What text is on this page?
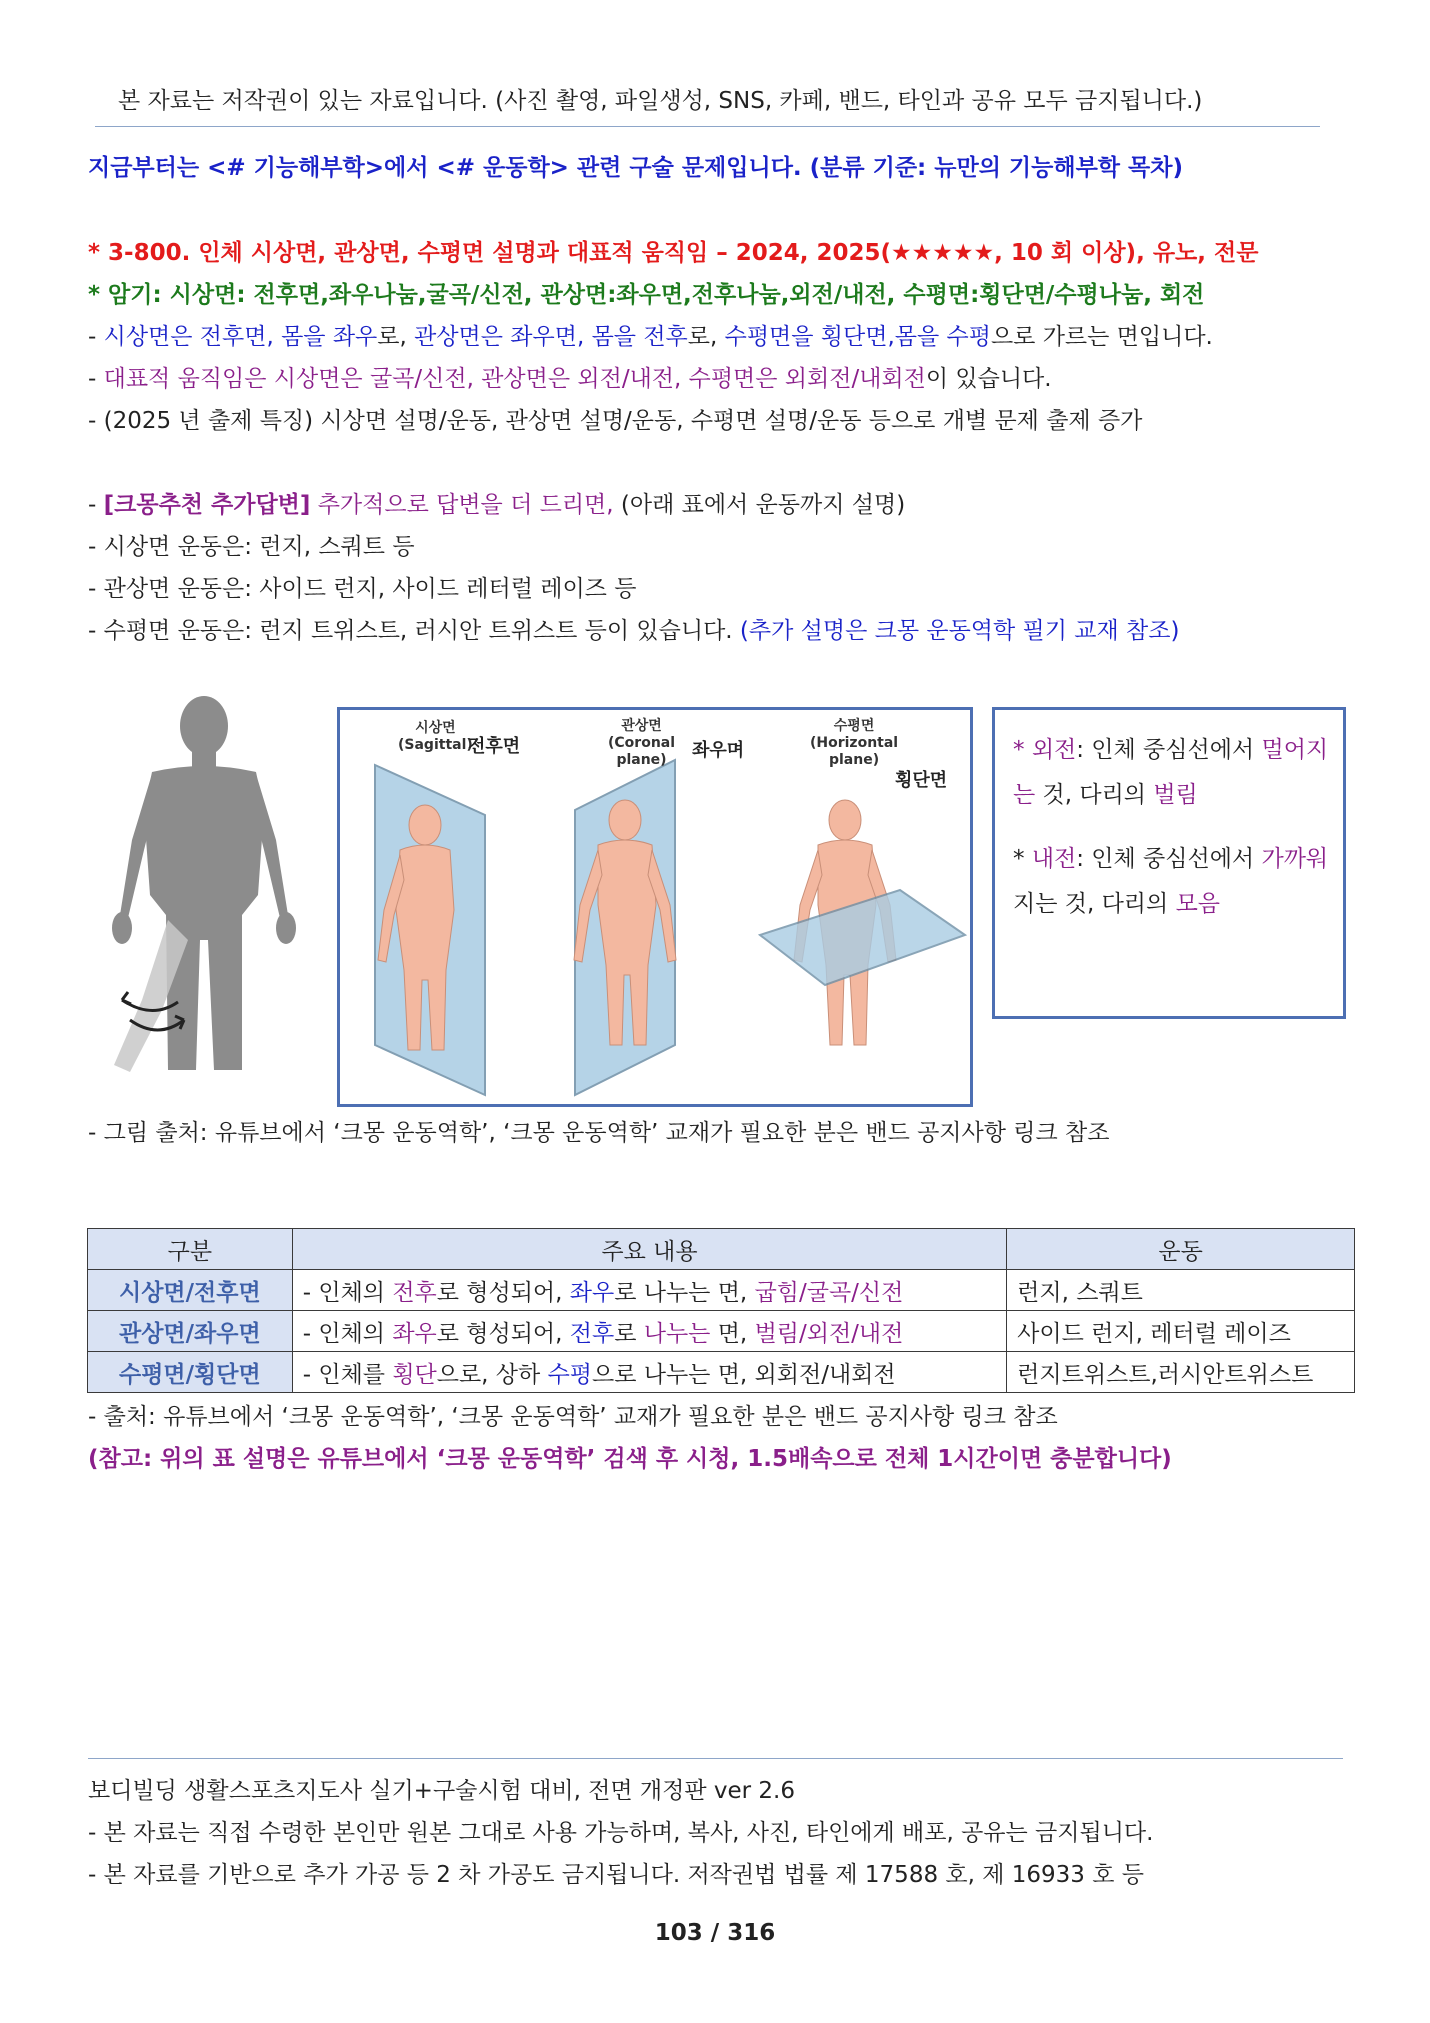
본 자료는 저작권이 있는 자료입니다. (사진 촬영, 파일생성, SNS, 카페, 밴드, 타인과 공유 모두 금지됩니다.)
지금부터는 <# 기능해부학>에서 <# 운동학> 관련 구술 문제입니다. (분류 기준: 뉴만의 기능해부학 목차)
* 3-800. 인체 시상면, 관상면, 수평면 설명과 대표적 움직임 – 2024, 2025(★★★★★, 10 회 이상), 유노, 전문
* 암기: 시상면: 전후면,좌우나눔,굴곡/신전, 관상면:좌우면,전후나눔,외전/내전, 수평면:횡단면/수평나눔, 회전
- 시상면은 전후면, 몸을 좌우로, 관상면은 좌우면, 몸을 전후로, 수평면을 횡단면,몸을 수평으로 가르는 면입니다.
- 대표적 움직임은 시상면은 굴곡/신전, 관상면은 외전/내전, 수평면은 외회전/내회전이 있습니다.
- (2025 년 출제 특징) 시상면 설명/운동, 관상면 설명/운동, 수평면 설명/운동 등으로 개별 문제 출제 증가
- [크몽추천 추가답변] 추가적으로 답변을 더 드리면, (아래 표에서 운동까지 설명)
- 시상면 운동은: 런지, 스쿼트 등
- 관상면 운동은: 사이드 런지, 사이드 레터럴 레이즈 등
- 수평면 운동은: 런지 트위스트, 러시안 트위스트 등이 있습니다. (추가 설명은 크몽 운동역학 필기 교재 참조)
시상면
(Sagittal)
전후면
관상면
(Coronal
plane)	좌우며
수평면
(Horizontal
plane)
횡단면
* 외전: 인체 중심선에서 멀어지는 것, 다리의 벌림
* 내전: 인체 중심선에서 가까워지는 것, 다리의 모음
- 그림 출처: 유튜브에서 ‘크몽 운동역학’, ‘크몽 운동역학’ 교재가 필요한 분은 밴드 공지사항 링크 참조
구분	주요 내용	운동
시상면/전후면	- 인체의 전후로 형성되어, 좌우로 나누는 면, 굽힘/굴곡/신전	런지, 스쿼트
관상면/좌우면	- 인체의 좌우로 형성되어, 전후로 나누는 면, 벌림/외전/내전	사이드 런지, 레터럴 레이즈
수평면/횡단면	- 인체를 횡단으로, 상하 수평으로 나누는 면, 외회전/내회전	런지트위스트,러시안트위스트
- 출처: 유튜브에서 ‘크몽 운동역학’, ‘크몽 운동역학’ 교재가 필요한 분은 밴드 공지사항 링크 참조
(참고: 위의 표 설명은 유튜브에서 ‘크몽 운동역학’ 검색 후 시청, 1.5배속으로 전체 1시간이면 충분합니다)
보디빌딩 생활스포츠지도사 실기+구술시험 대비, 전면 개정판 ver 2.6
- 본 자료는 직접 수령한 본인만 원본 그대로 사용 가능하며, 복사, 사진, 타인에게 배포, 공유는 금지됩니다.
- 본 자료를 기반으로 추가 가공 등 2 차 가공도 금지됩니다. 저작권법 법률 제 17588 호, 제 16933 호 등
103 / 316
